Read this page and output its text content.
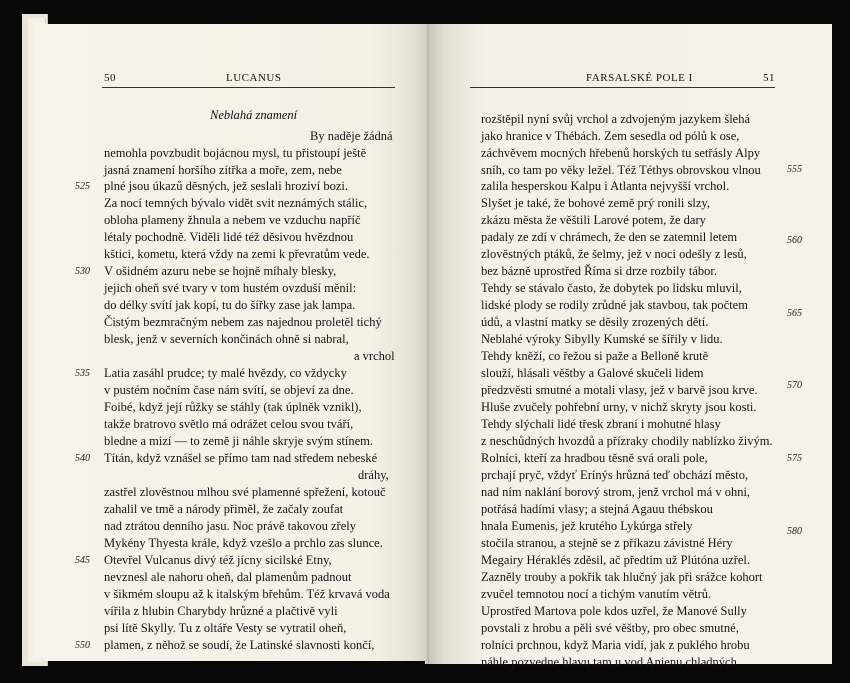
50	LUCANUS	FARSALSKÉ POLE I	51
Neblahá znamení
By naděje žádná
nemohla povzbudit bojácnou mysl, tu přistoupí ještě
jasná znamení horšího zítřka a moře, zem, nebe
plné jsou úkazů děsných, jež seslali hroziví bozi.
Za nocí temných bývalo vidět svit neznámých stálic,
obloha plameny žhnula a nebem ve vzduchu napříč
létaly pochodně. Viděli lidé též děsivou hvězdnou
kštici, kometu, která vždy na zemi k převratům vede.
V ošidném azuru nebe se hojně míhaly blesky,
jejich oheň své tvary v tom hustém ovzduší měnil:
do délky svítí jak kopí, tu do šířky zase jak lampa.
Čistým bezmračným nebem zas najednou proletěl tichý
blesk, jenž v severních končinách ohně si nabral,
a vrchol
Latia zasáhl prudce; ty malé hvězdy, co vždycky
v pustém nočním čase nám svítí, se objeví za dne.
Foibé, když její růžky se stáhly (tak úplněk vznikl),
takže bratrovo světlo má odrážet celou svou tváří,
bledne a mizí — to země ji náhle skryje svým stínem.
Títán, když vznášel se přímo tam nad středem nebeské
dráhy,
zastřel zlověstnou mlhou své plamenné spřežení, kotouč
zahalil ve tmě a národy přiměl, že začaly zoufat
nad ztrátou denního jasu. Noc právě takovou zřely
Mykény Thyesta krále, když vzešlo a prchlo zas slunce.
Otevřel Vulcanus divý též jícny sicilské Etny,
nevznesl ale nahoru oheň, dal plamenům padnout
v šikmém sloupu až k italským břehům. Též krvavá voda
vířila z hlubin Charybdy hrůzné a plačtivě vyli
psi lítě Skylly. Tu z oltáře Vesty se vytratil oheň,
plamen, z něhož se soudí, že Latinské slavnosti končí,
525
530
535
540
545
550
rozštěpil nyní svůj vrchol a zdvojeným jazykem šlehá
jako hranice v Thébách. Zem sesedla od pólů k ose,
záchvěvem mocných hřebenů horských tu setřásly Alpy
sníh, co tam po věky ležel. Též Téthys obrovskou vlnou
zalila hesperskou Kalpu i Atlanta nejvyšší vrchol.
Slyšet je také, že bohové země prý ronili slzy,
zkázu města že věštili Larové potem, že dary
padaly ze zdí v chrámech, že den se zatemnil letem
zlověstných ptáků, že šelmy, jež v noci odešly z lesů,
bez bázně uprostřed Říma si drze rozbily tábor.
Tehdy se stávalo často, že dobytek po lidsku mluvil,
lidské plody se rodily zrůdné jak stavbou, tak počtem
údů, a vlastní matky se děsily zrozených dětí.
Neblahé výroky Sibylly Kumské se šířily v lidu.
Tehdy kněží, co řežou si paže a Belloně krutě
slouží, hlásali věštby a Galové skučeli lidem
předzvěsti smutné a motali vlasy, jež v barvě jsou krve.
Hluše zvučely pohřební urny, v nichž skryty jsou kosti.
Tehdy slýchali lidé třesk zbraní i mohutné hlasy
z neschůdných hvozdů a přízraky chodily nablízko živým.
Rolníci, kteří za hradbou těsně svá orali pole,
prchají pryč, vždyť Erínýs hrůzná teď obchází město,
nad ním naklání borový strom, jenž vrchol má v ohni,
potřásá hadími vlasy; a stejná Agauu thébskou
hnala Eumenis, jež krutého Lykúrga střely
stočila stranou, a stejně se z příkazu závistné Héry
Megairy Héraklés zděsil, ač předtím už Plútóna uzřel.
Zazněly trouby a pokřik tak hlučný jak při srážce kohort
zvučel temnotou nocí a tichým vanutím větrů.
Uprostřed Martova pole kdos uzřel, že Manové Sully
povstali z hrobu a pěli své věštby, pro obec smutné,
rolníci prchnou, když Maria vidí, jak z puklého hrobu
náhle pozvedne hlavu tam u vod Anienu chladných.
555
560
565
570
575
580
